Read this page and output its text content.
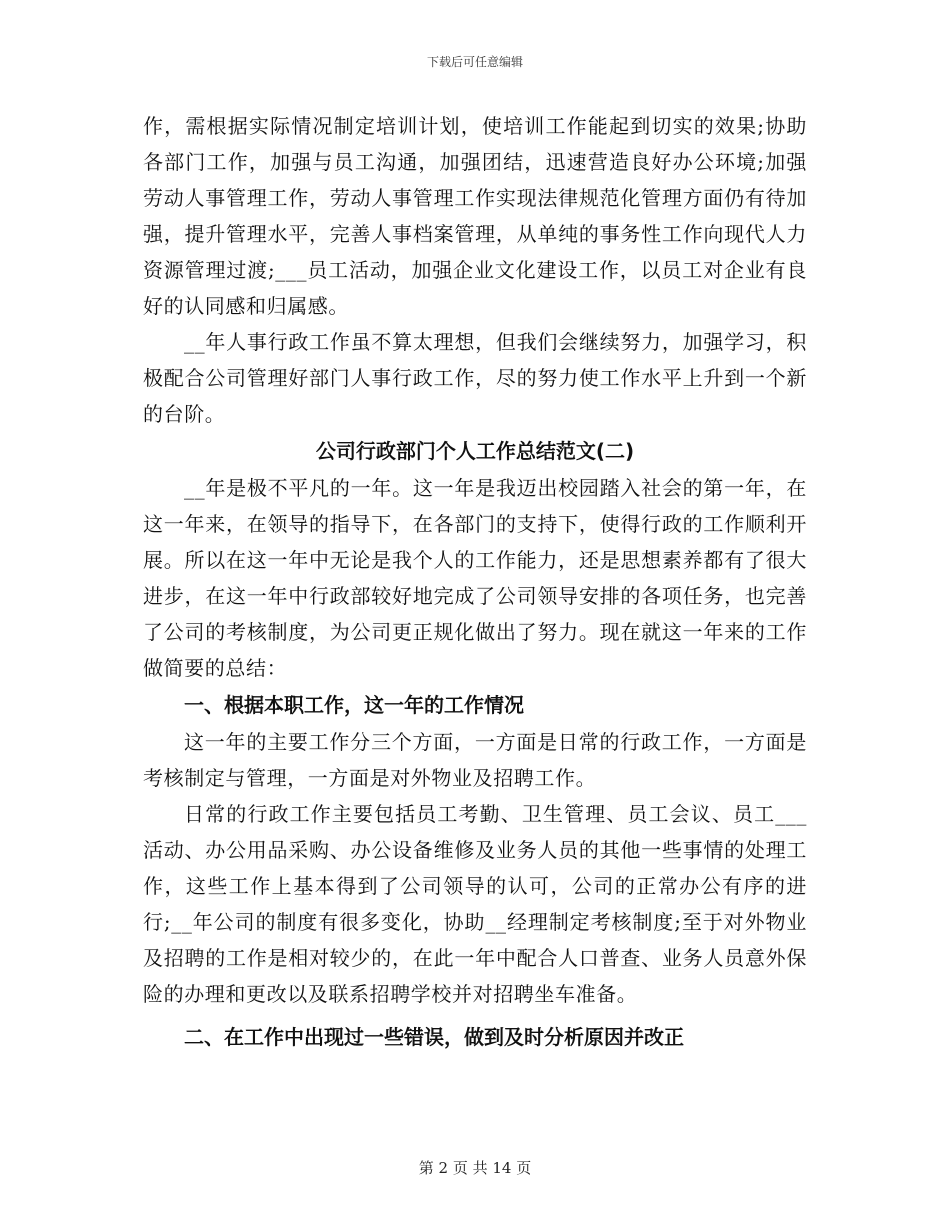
下载后可任意编辑

作，需根据实际情况制定培训计划，使培训工作能起到切实的效果;协助各部门工作，加强与员工沟通，加强团结，迅速营造良好办公环境;加强劳动人事管理工作，劳动人事管理工作实现法律规范化管理方面仍有待加强，提升管理水平，完善人事档案管理，从单纯的事务性工作向现代人力资源管理过渡;___员工活动，加强企业文化建设工作，以员工对企业有良好的认同感和归属感。

__年人事行政工作虽不算太理想，但我们会继续努力，加强学习，积极配合公司管理好部门人事行政工作，尽的努力使工作水平上升到一个新的台阶。

公司行政部门个人工作总结范文(二)

__年是极不平凡的一年。这一年是我迈出校园踏入社会的第一年，在这一年来，在领导的指导下，在各部门的支持下，使得行政的工作顺利开展。所以在这一年中无论是我个人的工作能力，还是思想素养都有了很大进步，在这一年中行政部较好地完成了公司领导安排的各项任务，也完善了公司的考核制度，为公司更正规化做出了努力。现在就这一年来的工作做简要的总结：

一、根据本职工作，这一年的工作情况

这一年的主要工作分三个方面，一方面是日常的行政工作，一方面是考核制定与管理，一方面是对外物业及招聘工作。

日常的行政工作主要包括员工考勤、卫生管理、员工会议、员工___活动、办公用品采购、办公设备维修及业务人员的其他一些事情的处理工作，这些工作上基本得到了公司领导的认可，公司的正常办公有序的进行;__年公司的制度有很多变化，协助__经理制定考核制度;至于对外物业及招聘的工作是相对较少的，在此一年中配合人口普查、业务人员意外保险的办理和更改以及联系招聘学校并对招聘坐车准备。

二、在工作中出现过一些错误，做到及时分析原因并改正

第 2 页 共 14 页
